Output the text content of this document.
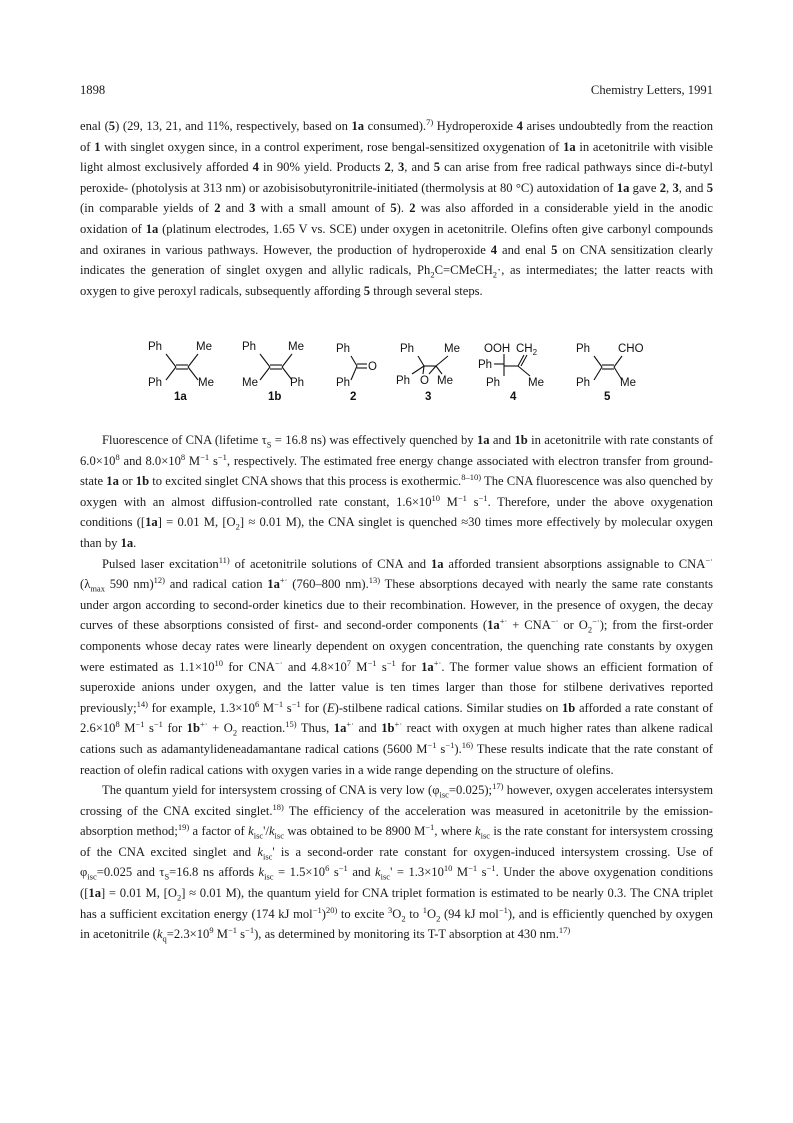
1898	Chemistry Letters, 1991

enal (5) (29, 13, 21, and 11%, respectively, based on 1a consumed).$^{7)}$ Hydroperoxide 4 arises undoubtedly from the reaction of 1 with singlet oxygen since, in a control experiment, rose bengal-sensitized oxygenation of 1a in acetonitrile with visible light almost exclusively afforded 4 in 90% yield. Products 2, 3, and 5 can arise from free radical pathways since di-t-butyl peroxide- (photolysis at 313 nm) or azobisisobutyronitrile-initiated (thermolysis at 80 °C) autoxidation of 1a gave 2, 3, and 5 (in comparable yields of 2 and 3 with a small amount of 5). 2 was also afforded in a considerable yield in the anodic oxidation of 1a (platinum electrodes, 1.65 V vs. SCE) under oxygen in acetonitrile. Olefins often give carbonyl compounds and oxiranes in various pathways. However, the production of hydroperoxide 4 and enal 5 on CNA sensitization clearly indicates the generation of singlet oxygen and allylic radicals, $Ph_2C=CMeCH_2\cdot$, as intermediates; the latter reacts with oxygen to give peroxyl radicals, subsequently affording 5 through several steps.

Ph	Me
Ph	Me
1a
Ph	Me
Me	Ph
1b
Ph
Ph
O
2
Ph	Me
Ph O Me
3
OOH $CH_2$
Ph
Ph Me
4
Ph CHO
Ph	Me
5

Fluorescence of CNA (lifetime $\tau_S = 16.8$ ns) was effectively quenched by 1a and 1b in acetonitrile with rate constants of $6.0\times 10^8$ and $8.0\times 10^8$ $M^{-1}$ $s^{-1}$, respectively. The estimated free energy change associated with electron transfer from ground-state 1a or 1b to excited singlet CNA shows that this process is exothermic.$^{8-10)}$ The CNA fluorescence was also quenched by oxygen with an almost diffusion-controlled rate constant, $1.6\times 10^{10}$ $M^{-1}$ $s^{-1}$. Therefore, under the above oxygenation conditions ([1a] = 0.01 M, $[O_2] \approx 0.01$ M), the CNA singlet is quenched ≈30 times more effectively by molecular oxygen than by 1a.

Pulsed laser excitation$^{11)}$ of acetonitrile solutions of CNA and 1a afforded transient absorptions assignable to CNA−· ($\lambda_{max}$ 590 nm)$^{12)}$ and radical cation 1a+· (760–800 nm).$^{13)}$ These absorptions decayed with nearly the same rate constants under argon according to second-order kinetics due to their recombination. However, in the presence of oxygen, the decay curves of these absorptions consisted of first- and second-order components (1a+· + CNA−· or $O_2^{-\cdot}$); from the first-order components whose decay rates were linearly dependent on oxygen concentration, the quenching rate constants by oxygen were estimated as $1.1\times 10^{10}$ for CNA−· and $4.8\times 10^7$ $M^{-1}$ $s^{-1}$ for 1a+·. The former value shows an efficient formation of superoxide anions under oxygen, and the latter value is ten times larger than those for stilbene derivatives reported previously;$^{14)}$ for example, $1.3\times 10^6$ $M^{-1}$ $s^{-1}$ for (E)-stilbene radical cations. Similar studies on 1b afforded a rate constant of $2.6\times 10^8$ $M^{-1}$ $s^{-1}$ for $1b^{+\cdot} + O_2$ reaction.$^{15)}$ Thus, 1a+· and 1b+· react with oxygen at much higher rates than alkene radical cations such as adamantylideneadamantane radical cations (5600 $M^{-1}$ $s^{-1}).^{16)}$ These results indicate that the rate constant of reaction of olefin radical cations with oxygen varies in a wide range depending on the structure of olefins.

The quantum yield for intersystem crossing of CNA is very low $(\varphi_{isc}=0.025);^{17)}$ however, oxygen accelerates intersystem crossing of the CNA excited singlet.$^{18)}$ The efficiency of the acceleration was measured in acetonitrile by the emission-absorption method;$^{19)}$ a factor of $k_{isc}'/k_{isc}$ was obtained to be 8900 $M^{-1}$, where $k_{isc}$ is the rate constant for intersystem crossing of the CNA excited singlet and $k_{isc}'$ is a second-order rate constant for oxygen-induced intersystem crossing. Use of $\varphi_{isc}=0.025$ and $\tau_S=16.8$ ns affords $k_{isc} = 1.5\times 10^6$ $s^{-1}$ and $k_{isc}' = 1.3\times 10^{10}$ $M^{-1}$ $s^{-1}$. Under the above oxygenation conditions ([1a] = 0.01 M, $[O_2] \approx 0.01$ M), the quantum yield for CNA triplet formation is estimated to be nearly 0.3. The CNA triplet has a sufficient excitation energy (174 kJ mol$^{-1}$)$^{20)}$ to excite $^3O_2$ to $^1O_2$ (94 kJ mol$^{-1}$), and is efficiently quenched by oxygen in acetonitrile ($k_q=2.3\times 10^9$ $M^{-1}$ $s^{-1}$), as determined by monitoring its T-T absorption at 430 nm.$^{17)}$
